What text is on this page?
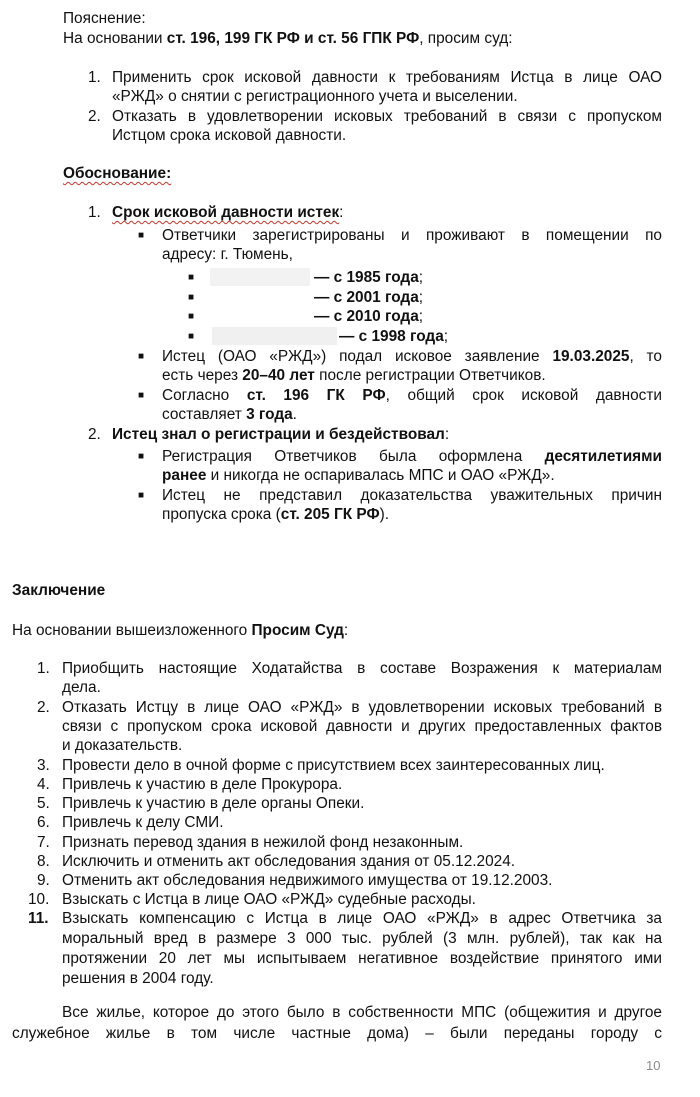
Пояснение:
На основании ст. 196, 199 ГК РФ и ст. 56 ГПК РФ, просим суд:
1. Применить срок исковой давности к требованиям Истца в лице ОАО
«РЖД» о снятии с регистрационного учета и выселении.
2. Отказать в удовлетворении исковых требований в связи с пропуском
Истцом срока исковой давности.
Обоснование:
1. Срок исковой давности истек:
■ Ответчики зарегистрированы и проживают в помещении по
адресу: г. Тюмень,
■	— с 1985 года;
■	— с 2001 года;
■	— с 2010 года;
■	— с 1998 года;
■ Истец (ОАО «РЖД») подал исковое заявление 19.03.2025, то
есть через 20–40 лет после регистрации Ответчиков.
■ Согласно ст. 196 ГК РФ, общий срок исковой давности
составляет 3 года.
2. Истец знал о регистрации и бездействовал:
■ Регистрация Ответчиков была оформлена десятилетиями
ранее и никогда не оспаривалась МПС и ОАО «РЖД».
■ Истец не представил доказательства уважительных причин
пропуска срока (ст. 205 ГК РФ).
Заключение
На основании вышеизложенного Просим Суд:
1. Приобщить настоящие Ходатайства в составе Возражения к материалам
дела.
2. Отказать Истцу в лице ОАО «РЖД» в удовлетворении исковых требований в
связи с пропуском срока исковой давности и других предоставленных фактов
и доказательств.
3. Провести дело в очной форме с присутствием всех заинтересованных лиц.
4. Привлечь к участию в деле Прокурора.
5. Привлечь к участию в деле органы Опеки.
6. Привлечь к делу СМИ.
7. Признать перевод здания в нежилой фонд незаконным.
8. Исключить и отменить акт обследования здания от 05.12.2024.
9. Отменить акт обследования недвижимого имущества от 19.12.2003.
10. Взыскать с Истца в лице ОАО «РЖД» судебные расходы.
11. Взыскать компенсацию с Истца в лице ОАО «РЖД» в адрес Ответчика за
моральный вред в размере 3 000 тыс. рублей (3 млн. рублей), так как на
протяжении 20 лет мы испытываем негативное воздействие принятого ими
решения в 2004 году.
Все жилье, которое до этого было в собственности МПС (общежития и другое
служебное жилье в том числе частные дома) – были переданы городу с
10
